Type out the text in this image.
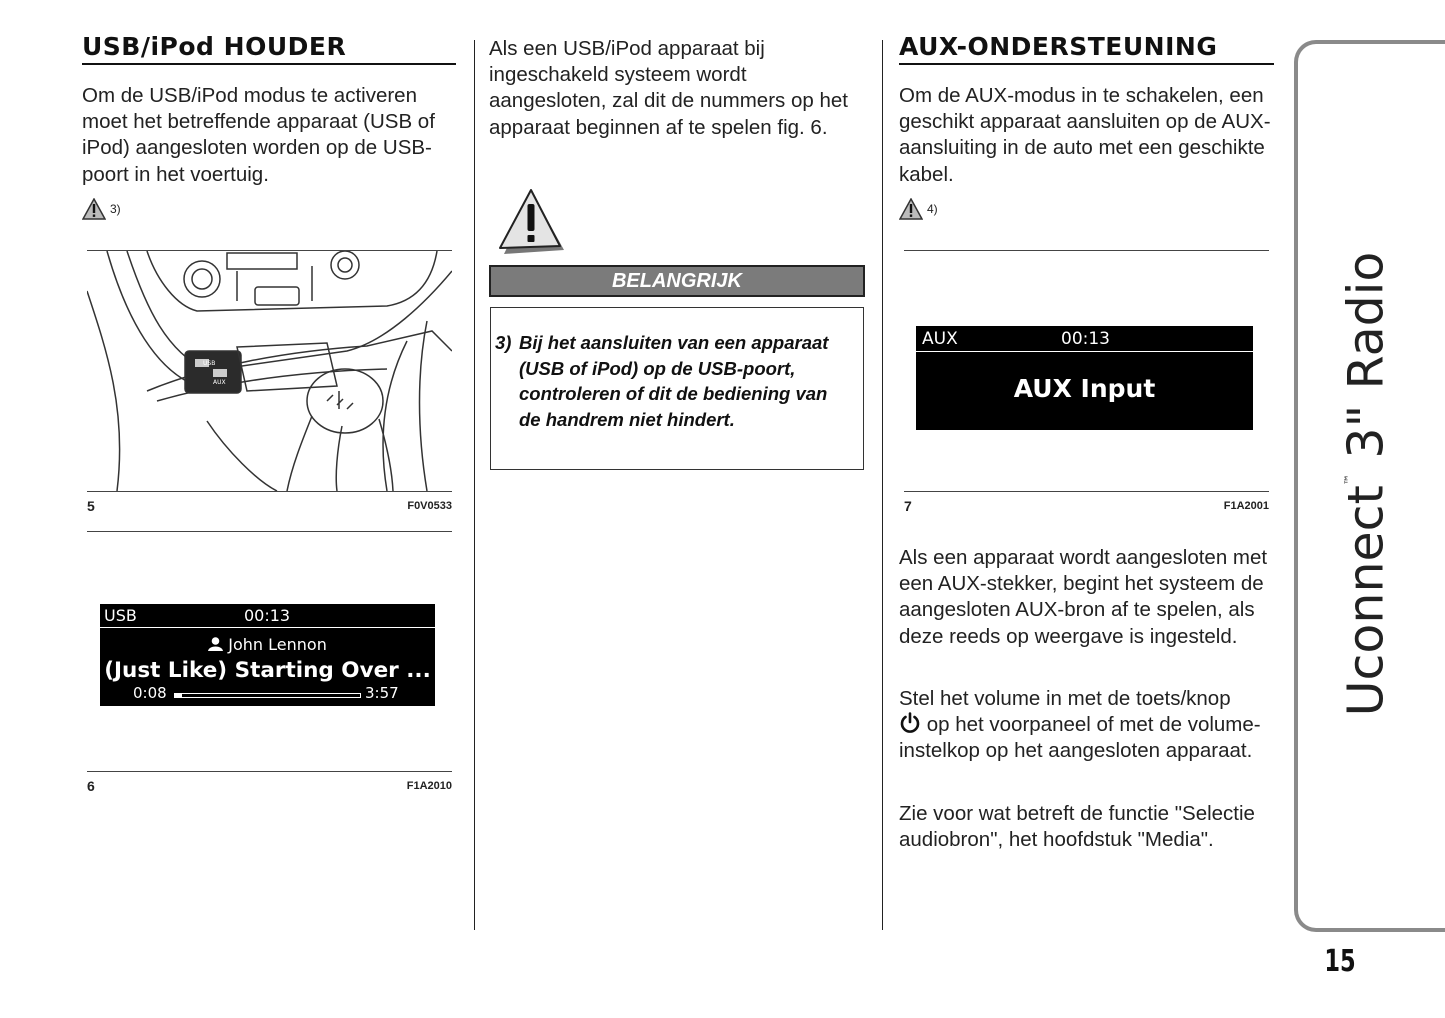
USB/iPod HOUDER
Om de USB/iPod modus te activeren moet het betreffende apparaat (USB of iPod) aangesloten worden op de USB-poort in het voertuig.
3)
USB
AUX
5	F0V0533
USB	00:13
John Lennon
(Just Like) Starting Over ...
0:08	3:57
6	F1A2010
Als een USB/iPod apparaat bij ingeschakeld systeem wordt aangesloten, zal dit de nummers op het apparaat beginnen af te spelen fig. 6.
BELANGRIJK
3) Bij het aansluiten van een apparaat (USB of iPod) op de USB-poort, controleren of dit de bediening van de handrem niet hindert.
AUX-ONDERSTEUNING
Om de AUX-modus in te schakelen, een geschikt apparaat aansluiten op de AUX-aansluiting in de auto met een geschikte kabel.
4)
AUX	00:13
AUX Input
7	F1A2001
Als een apparaat wordt aangesloten met een AUX-stekker, begint het systeem de aangesloten AUX-bron af te spelen, als deze reeds op weergave is ingesteld.
Stel het volume in met de toets/knop
op het voorpaneel of met de volume-instelkop op het aangesloten apparaat.
Zie voor wat betreft de functie "Selectie audiobron", het hoofdstuk "Media".
Uconnect™ 3" Radio
15
